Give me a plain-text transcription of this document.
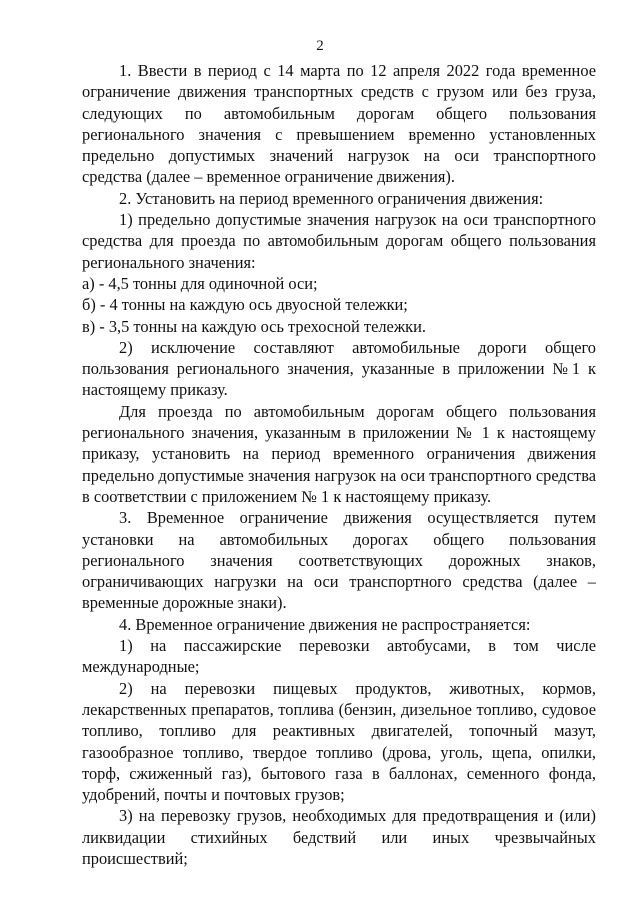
2

1. Ввести в период с 14 марта по 12 апреля 2022 года временное ограничение движения транспортных средств с грузом или без груза, следующих по автомобильным дорогам общего пользования регионального значения с превышением временно установленных предельно допустимых значений нагрузок на оси транспортного средства (далее – временное ограничение движения).

2. Установить на период временного ограничения движения:

1) предельно допустимые значения нагрузок на оси транспортного средства для проезда по автомобильным дорогам общего пользования регионального значения:

а) - 4,5 тонны для одиночной оси;

б) - 4 тонны на каждую ось двуосной тележки;

в) - 3,5 тонны на каждую ось трехосной тележки.

2) исключение составляют автомобильные дороги общего пользования регионального значения, указанные в приложении №1 к настоящему приказу.

Для проезда по автомобильным дорогам общего пользования регионального значения, указанным в приложении № 1 к настоящему приказу, установить на период временного ограничения движения предельно допустимые значения нагрузок на оси транспортного средства в соответствии с приложением № 1 к настоящему приказу.

3. Временное ограничение движения осуществляется путем установки на автомобильных дорогах общего пользования регионального значения соответствующих дорожных знаков, ограничивающих нагрузки на оси транспортного средства (далее – временные дорожные знаки).

4. Временное ограничение движения не распространяется:

1) на пассажирские перевозки автобусами, в том числе международные;

2) на перевозки пищевых продуктов, животных, кормов, лекарственных препаратов, топлива (бензин, дизельное топливо, судовое топливо, топливо для реактивных двигателей, топочный мазут, газообразное топливо, твердое топливо (дрова, уголь, щепа, опилки, торф, сжиженный газ), бытового газа в баллонах, семенного фонда, удобрений, почты и почтовых грузов;

3) на перевозку грузов, необходимых для предотвращения и (или) ликвидации стихийных бедствий или иных чрезвычайных происшествий;
